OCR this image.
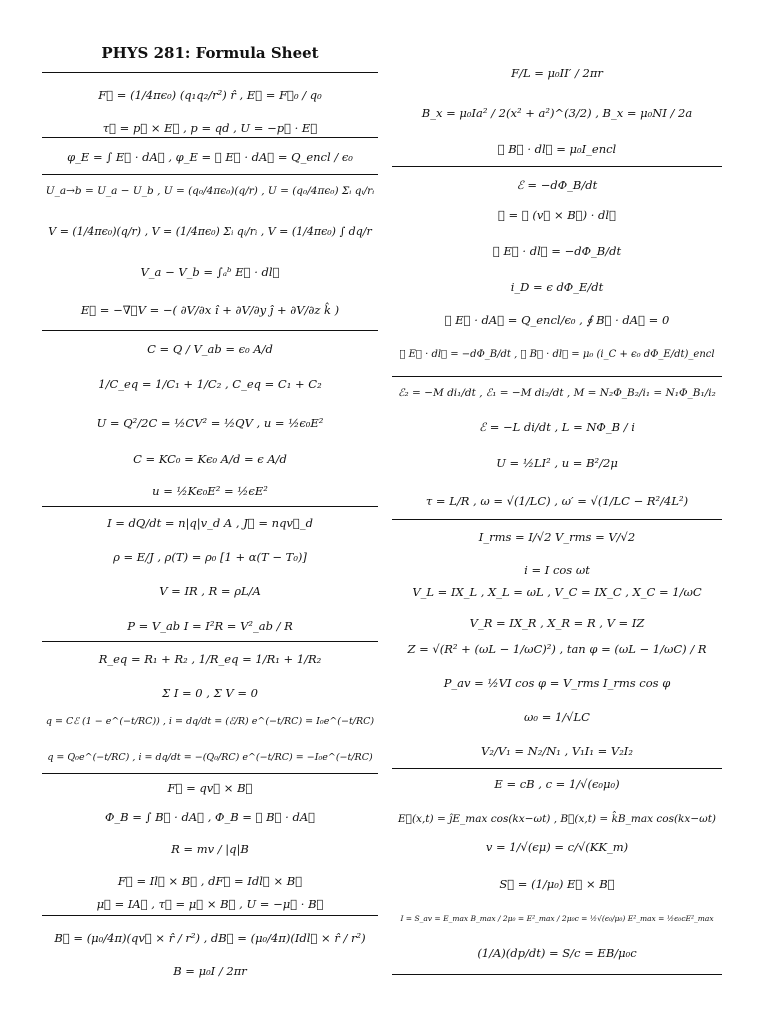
PHYS 281: Formula Sheet
F⃗ = (1/4πϵ₀) (q₁q₂/r²) r̂ , E⃗ = F⃗₀ / q₀
τ⃗ = p⃗ × E⃗ , p = qd , U = −p⃗ · E⃗
φ_E = ∫ E⃗ · dA⃗ , φ_E = ∮ E⃗ · dA⃗ = Q_encl / ϵ₀
U_a→b = U_a − U_b , U = (q₀/4πϵ₀)(q/r) , U = (q₀/4πϵ₀) Σᵢ qᵢ/rᵢ
V = (1/4πϵ₀)(q/r) , V = (1/4πϵ₀) Σᵢ qᵢ/rᵢ , V = (1/4πϵ₀) ∫ dq/r
V_a − V_b = ∫ₐᵇ E⃗ · dl⃗
E⃗ = −∇⃗V = −( ∂V/∂x î + ∂V/∂y ĵ + ∂V/∂z k̂ )
C = Q / V_ab = ϵ₀ A/d
1/C_eq = 1/C₁ + 1/C₂ , C_eq = C₁ + C₂
U = Q²/2C = ½CV² = ½QV , u = ½ϵ₀E²
C = KC₀ = Kϵ₀ A/d = ϵ A/d
u = ½Kϵ₀E² = ½ϵE²
I = dQ/dt = n|q|v_d A , J⃗ = nqv⃗_d
ρ = E/J , ρ(T) = ρ₀ [1 + α(T − T₀)]
V = IR , R = ρL/A
P = V_ab I = I²R = V²_ab / R
R_eq = R₁ + R₂ , 1/R_eq = 1/R₁ + 1/R₂
Σ I = 0 , Σ V = 0
q = Cℰ (1 − e^(−t/RC)) , i = dq/dt = (ℰ/R) e^(−t/RC) = I₀e^(−t/RC)
q = Q₀e^(−t/RC) , i = dq/dt = −(Q₀/RC) e^(−t/RC) = −I₀e^(−t/RC)
F⃗ = qv⃗ × B⃗
Φ_B = ∫ B⃗ · dA⃗ , Φ_B = ∮ B⃗ · dA⃗
R = mv / |q|B
F⃗ = Il⃗ × B⃗ , dF⃗ = Idl⃗ × B⃗
μ⃗ = IA⃗ , τ⃗ = μ⃗ × B⃗ , U = −μ⃗ · B⃗
B⃗ = (μ₀/4π)(qv⃗ × r̂ / r²) , dB⃗ = (μ₀/4π)(Idl⃗ × r̂ / r²)
B = μ₀I / 2πr
F/L = μ₀II′ / 2πr
B_x = μ₀Ia² / 2(x² + a²)^(3/2) , B_x = μ₀NI / 2a
∮ B⃗ · dl⃗ = μ₀I_encl
ℰ = −dΦ_B/dt
ℰ = ∮ (v⃗ × B⃗) · dl⃗
∮ E⃗ · dl⃗ = −dΦ_B/dt
i_D = ϵ dΦ_E/dt
∮ E⃗ · dA⃗ = Q_encl/ϵ₀ , ∮ B⃗ · dA⃗ = 0
∮ E⃗ · dl⃗ = −dΦ_B/dt , ∮ B⃗ · dl⃗ = μ₀ (i_C + ϵ₀ dΦ_E/dt)_encl
ℰ₂ = −M di₁/dt , ℰ₁ = −M di₂/dt , M = N₂Φ_B₂/i₁ = N₁Φ_B₁/i₂
ℰ = −L di/dt , L = NΦ_B / i
U = ½LI² , u = B²/2μ
τ = L/R , ω = √(1/LC) , ω′ = √(1/LC − R²/4L²)
I_rms = I/√2 V_rms = V/√2
i = I cos ωt
V_L = IX_L , X_L = ωL , V_C = IX_C , X_C = 1/ωC
V_R = IX_R , X_R = R , V = IZ
Z = √(R² + (ωL − 1/ωC)²) , tan φ = (ωL − 1/ωC) / R
P_av = ½VI cos φ = V_rms I_rms cos φ
ω₀ = 1/√LC
V₂/V₁ = N₂/N₁ , V₁I₁ = V₂I₂
E = cB , c = 1/√(ϵ₀μ₀)
E⃗(x,t) = ĵE_max cos(kx−ωt) , B⃗(x,t) = k̂B_max cos(kx−ωt)
v = 1/√(ϵμ) = c/√(KK_m)
S⃗ = (1/μ₀) E⃗ × B⃗
I = S_av = E_max B_max / 2μ₀ = E²_max / 2μ₀c = ½√(ϵ₀/μ₀) E²_max = ½ϵ₀cE²_max
(1/A)(dp/dt) = S/c = EB/μ₀c
